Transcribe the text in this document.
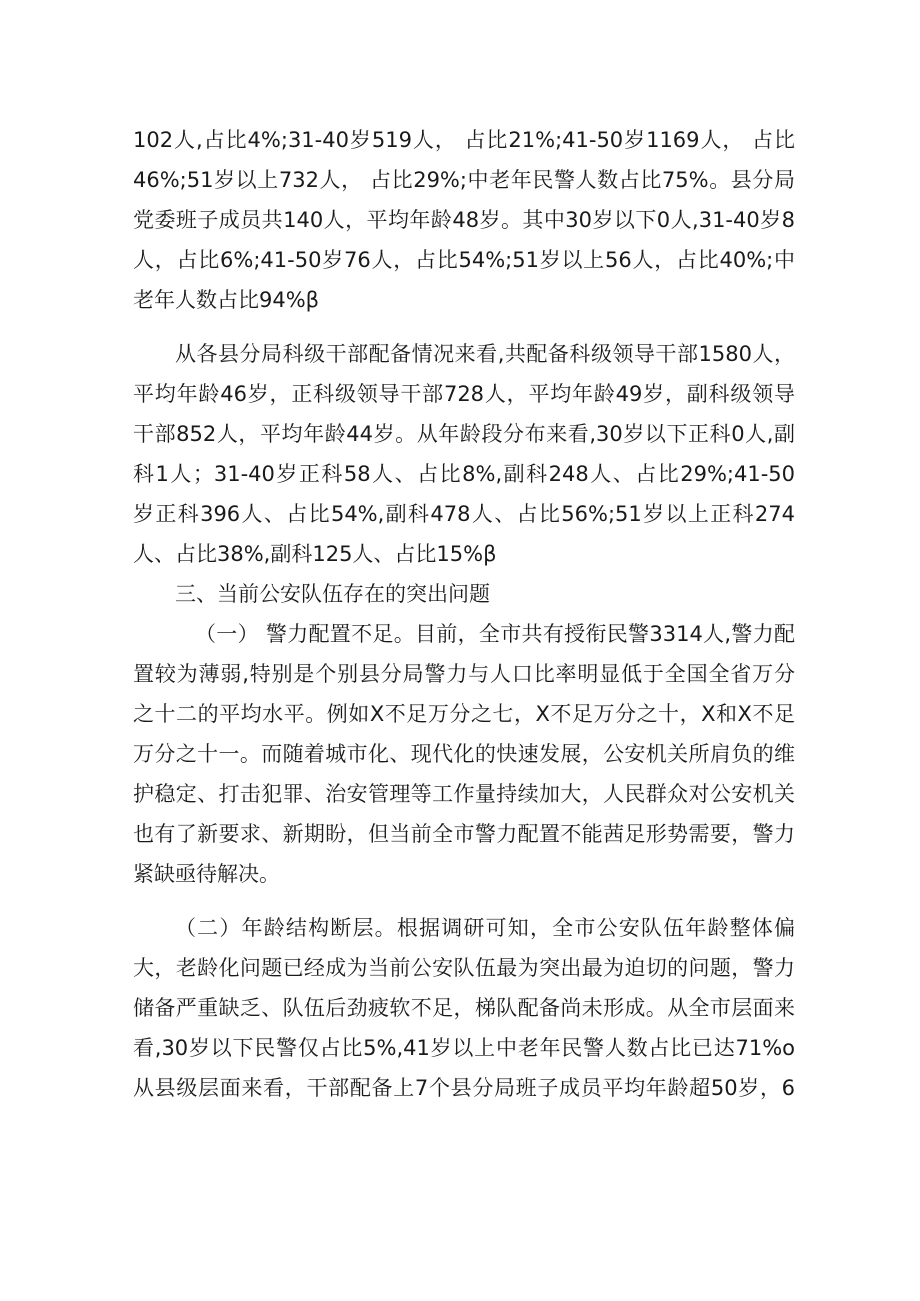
102人,占比4%;31-40岁519人， 占比21%;41-50岁1169人， 占比
46%;51岁以上732人， 占比29%;中老年民警人数占比75%。县分局
党委班子成员共140人，平均年龄48岁。其中30岁以下0人,31-40岁8
人，占比6%;41-50岁76人，占比54%;51岁以上56人，占比40%;中
老年人数占比94%β
从各县分局科级干部配备情况来看,共配备科级领导干部1580人，
平均年龄46岁，正科级领导干部728人，平均年龄49岁，副科级领导
干部852人，平均年龄44岁。从年龄段分布来看,30岁以下正科0人,副
科1人；31-40岁正科58人、占比8%,副科248人、占比29%;41-50
岁正科396人、占比54%,副科478人、占比56%;51岁以上正科274
人、占比38%,副科125人、占比15%β
三、当前公安队伍存在的突出问题
（一） 警力配置不足。目前，全市共有授衔民警3314人,警力配
置较为薄弱,特别是个别县分局警力与人口比率明显低于全国全省万分
之十二的平均水平。例如X不足万分之七，X不足万分之十，X和X不足
万分之十一。而随着城市化、现代化的快速发展，公安机关所肩负的维
护稳定、打击犯罪、治安管理等工作量持续加大，人民群众对公安机关
也有了新要求、新期盼，但当前全市警力配置不能茜足形势需要，警力
紧缺亟待解决。
（二）年龄结构断层。根据调研可知，全市公安队伍年龄整体偏
大，老龄化问题已经成为当前公安队伍最为突出最为迫切的问题，警力
储备严重缺乏、队伍后劲疲软不足，梯队配备尚未形成。从全市层面来
看,30岁以下民警仅占比5%,41岁以上中老年民警人数占比已达71%o
从县级层面来看，干部配备上7个县分局班子成员平均年龄超50岁，6
